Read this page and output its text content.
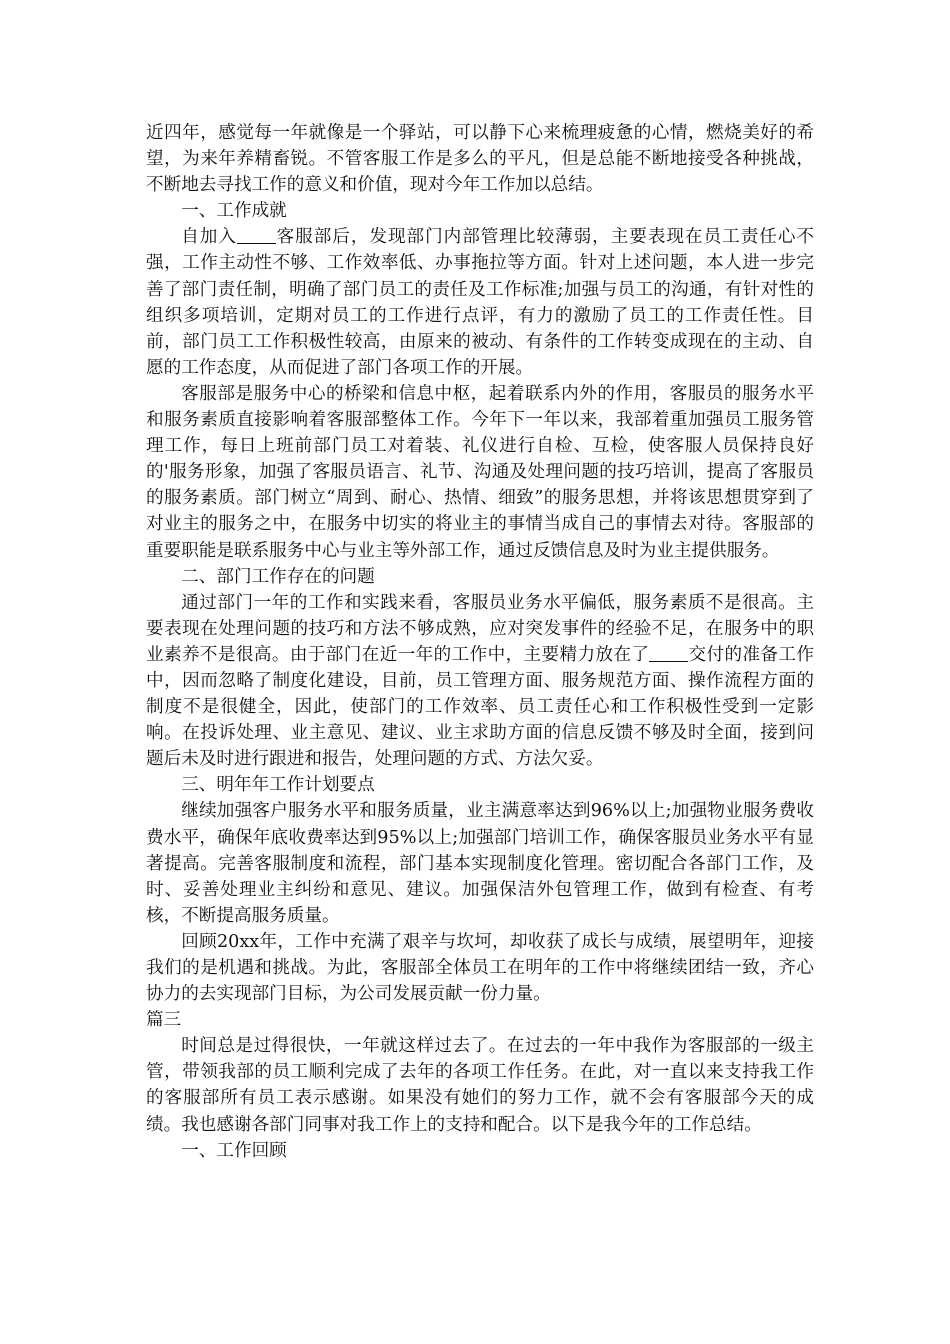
近四年，感觉每一年就像是一个驿站，可以静下心来梳理疲惫的心情，燃烧美好的希望，为来年养精畜锐。不管客服工作是多么的平凡，但是总能不断地接受各种挑战，不断地去寻找工作的意义和价值，现对今年工作加以总结。

一、工作成就

自加入 客服部后，发现部门内部管理比较薄弱，主要表现在员工责任心不强，工作主动性不够、工作效率低、办事拖拉等方面。针对上述问题，本人进一步完善了部门责任制，明确了部门员工的责任及工作标准;加强与员工的沟通，有针对性的组织多项培训，定期对员工的工作进行点评，有力的激励了员工的工作责任性。目前，部门员工工作积极性较高，由原来的被动、有条件的工作转变成现在的主动、自愿的工作态度，从而促进了部门各项工作的开展。

客服部是服务中心的桥梁和信息中枢，起着联系内外的作用，客服员的服务水平和服务素质直接影响着客服部整体工作。今年下一年以来，我部着重加强员工服务管理工作，每日上班前部门员工对着装、礼仪进行自检、互检，使客服人员保持良好的'服务形象，加强了客服员语言、礼节、沟通及处理问题的技巧培训，提高了客服员的服务素质。部门树立“周到、耐心、热情、细致”的服务思想，并将该思想贯穿到了对业主的服务之中，在服务中切实的将业主的事情当成自己的事情去对待。客服部的重要职能是联系服务中心与业主等外部工作，通过反馈信息及时为业主提供服务。

二、部门工作存在的问题

通过部门一年的工作和实践来看，客服员业务水平偏低，服务素质不是很高。主要表现在处理问题的技巧和方法不够成熟，应对突发事件的经验不足，在服务中的职业素养不是很高。由于部门在近一年的工作中，主要精力放在了 交付的准备工作中，因而忽略了制度化建设，目前，员工管理方面、服务规范方面、操作流程方面的制度不是很健全，因此，使部门的工作效率、员工责任心和工作积极性受到一定影响。在投诉处理、业主意见、建议、业主求助方面的信息反馈不够及时全面，接到问题后未及时进行跟进和报告，处理问题的方式、方法欠妥。

三、明年年工作计划要点

继续加强客户服务水平和服务质量，业主满意率达到96%以上;加强物业服务费收费水平，确保年底收费率达到95%以上;加强部门培训工作，确保客服员业务水平有显著提高。完善客服制度和流程，部门基本实现制度化管理。密切配合各部门工作，及时、妥善处理业主纠纷和意见、建议。加强保洁外包管理工作，做到有检查、有考核，不断提高服务质量。

回顾20xx年，工作中充满了艰辛与坎坷，却收获了成长与成绩，展望明年，迎接我们的是机遇和挑战。为此，客服部全体员工在明年的工作中将继续团结一致，齐心协力的去实现部门目标，为公司发展贡献一份力量。

篇三

时间总是过得很快，一年就这样过去了。在过去的一年中我作为客服部的一级主管，带领我部的员工顺利完成了去年的各项工作任务。在此，对一直以来支持我工作的客服部所有员工表示感谢。如果没有她们的努力工作，就不会有客服部今天的成绩。我也感谢各部门同事对我工作上的支持和配合。以下是我今年的工作总结。

一、工作回顾
